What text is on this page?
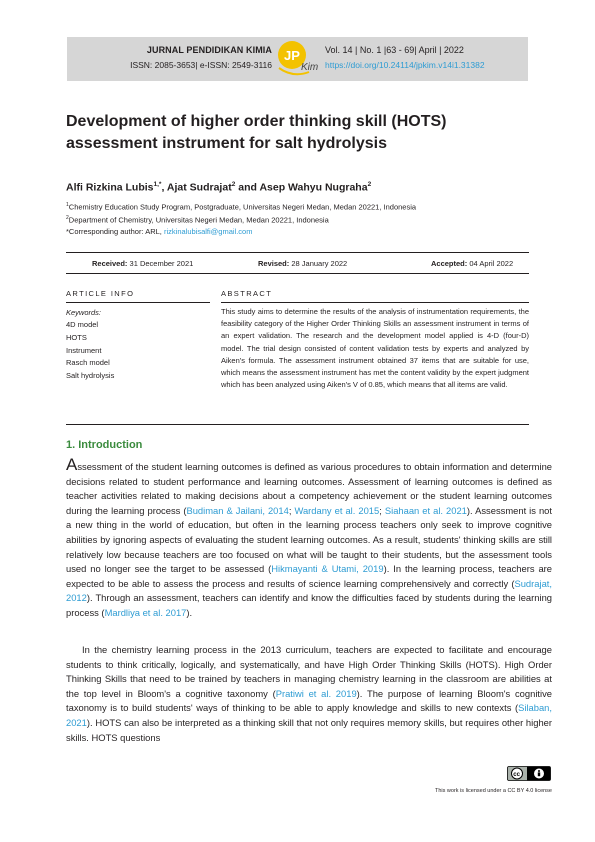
JURNAL PENDIDIKAN KIMIA
ISSN: 2085-3653| e-ISSN: 2549-3116
JP
Kim
Vol. 14 | No. 1 |63 - 69| April | 2022
https://doi.org/10.24114/jpkim.v14i1.31382
Development of higher order thinking skill (HOTS)
assessment instrument for salt hydrolysis
Alfi Rizkina Lubis$^{1,*}$, Ajat Sudrajat$^2$ and Asep Wahyu Nugraha$^2$
$^1$Chemistry Education Study Program, Postgraduate, Universitas Negeri Medan, Medan 20221, Indonesia
$^2$Department of Chemistry, Universitas Negeri Medan, Medan 20221, Indonesia
*Corresponding author: ARL, rizkinalubisalfi@gmail.com
Received: 31 December 2021	Revised: 28 January 2022	Accepted: 04 April 2022
ARTICLE INFO	ABSTRACT
Keywords:
4D model
HOTS
Instrument
Rasch model
Salt hydrolysis
This study aims to determine the results of the analysis of instrumentation requirements, the feasibility category of the Higher Order Thinking Skills an assessment instrument in terms of an expert validation. The research and the development model applied is 4-D (four-D) model. The trial design consisted of content validation tests by experts and analyzed by Aiken's formula. The assessment instrument obtained 37 items that are suitable for use, which means the assessment instrument has met the content validity by the expert judgment which has been analyzed using Aiken's V of 0.85, which means that all items are valid.
1. Introduction
Assessment of the student learning outcomes is defined as various procedures to obtain information and determine decisions related to student performance and learning outcomes. Assessment of learning outcomes is defined as teacher activities related to making decisions about a competency achievement or the student learning outcomes during the learning process (Budiman & Jailani, 2014; Wardany et al. 2015; Siahaan et al. 2021). Assessment is not a new thing in the world of education, but often in the learning process teachers only seek to improve cognitive abilities by ignoring aspects of evaluating the student learning outcomes. As a result, students' thinking skills are still relatively low because teachers are too focused on what will be taught to their students, but the assessment tools used no longer see the target to be assessed (Hikmayanti & Utami, 2019). In the learning process, teachers are expected to be able to assess the process and results of science learning comprehensively and correctly (Sudrajat, 2012). Through an assessment, teachers can identify and know the difficulties faced by students during the learning process (Mardliya et al. 2017).
In the chemistry learning process in the 2013 curriculum, teachers are expected to facilitate and encourage students to think critically, logically, and systematically, and have High Order Thinking Skills (HOTS). High Order Thinking Skills that need to be trained by teachers in managing chemistry learning in the classroom are abilities at the top level in Bloom's a cognitive taxonomy (Pratiwi et al. 2019). The purpose of learning Bloom's cognitive taxonomy is to build students' ways of thinking to be able to apply knowledge and skills to new contexts (Silaban, 2021). HOTS can also be interpreted as a thinking skill that not only requires memory skills, but requires other higher skills. HOTS questions
cc
This work is licensed under a CC BY 4.0 license
